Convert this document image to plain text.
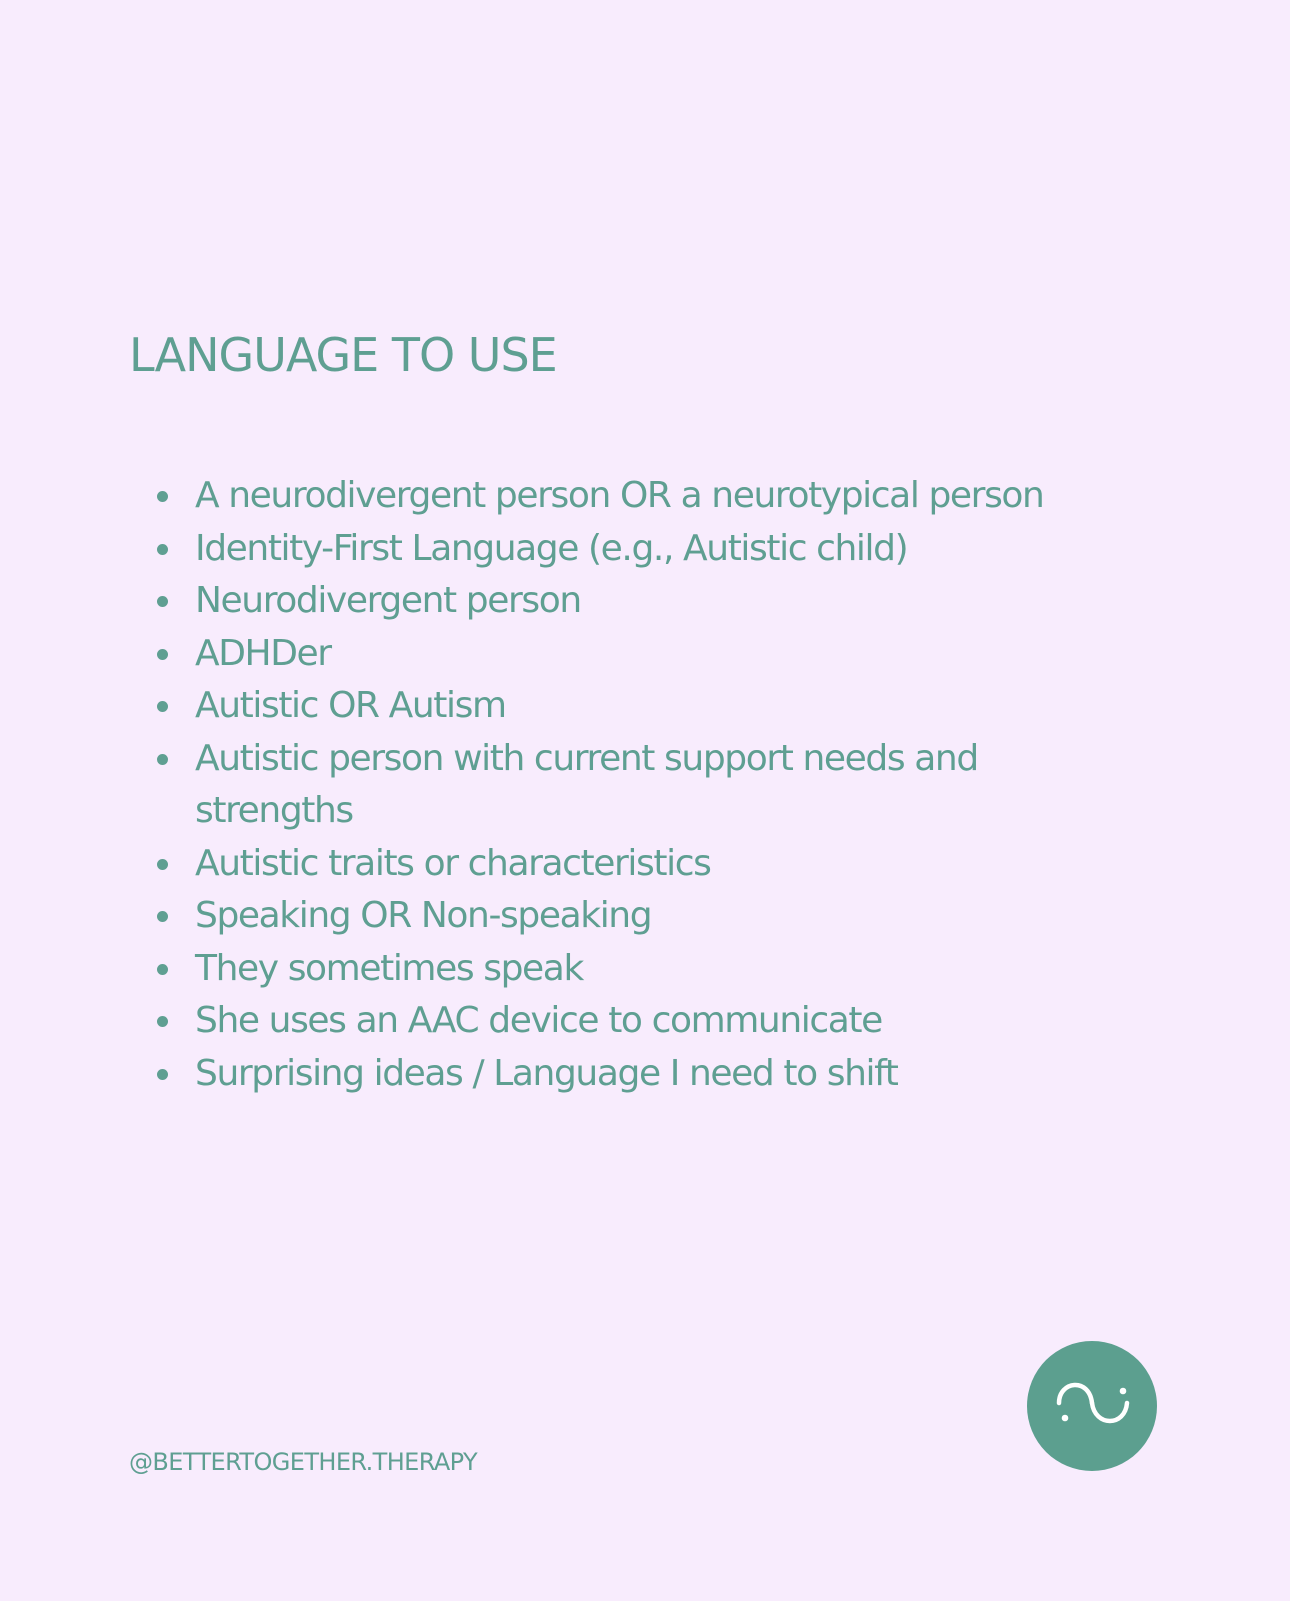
LANGUAGE TO USE
A neurodivergent person OR a neurotypical person
Identity-First Language (e.g., Autistic child)
Neurodivergent person
ADHDer
Autistic OR Autism
Autistic person with current support needs and strengths
Autistic traits or characteristics
Speaking OR Non-speaking
They sometimes speak
She uses an AAC device to communicate
Surprising ideas / Language I need to shift
@BETTERTOGETHER.THERAPY
